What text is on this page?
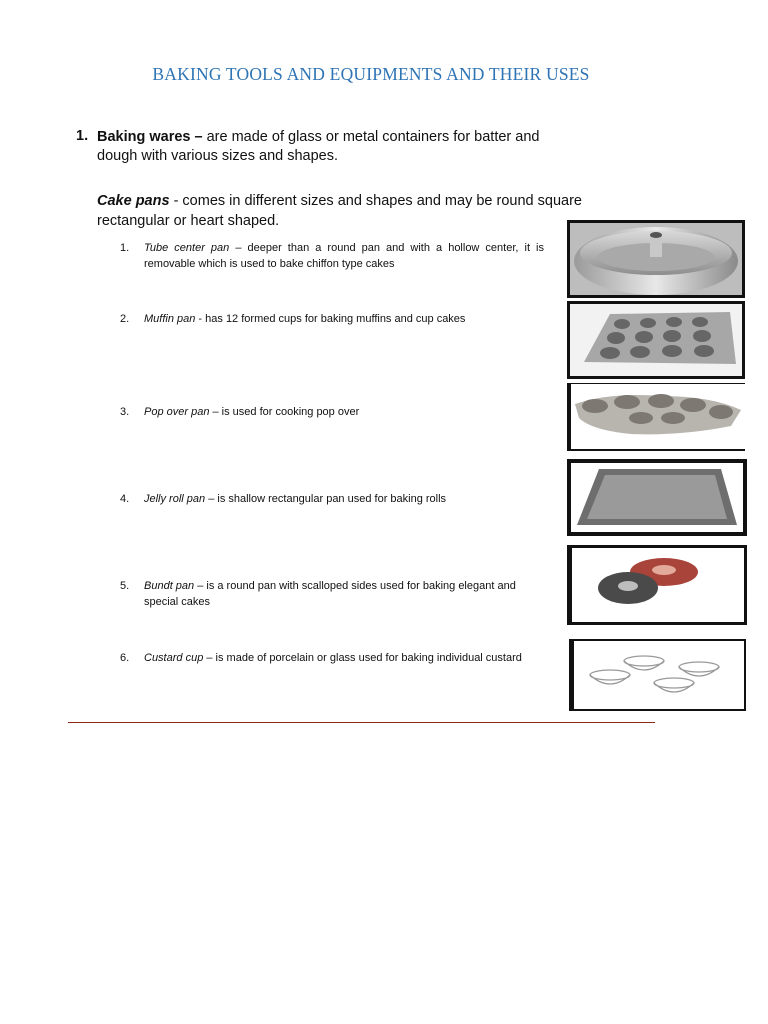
BAKING TOOLS AND EQUIPMENTS AND THEIR USES
1. Baking wares – are made of glass or metal containers for batter and dough with various sizes and shapes.
Cake pans - comes in different sizes and shapes and may be round square rectangular or heart shaped.
1. Tube center pan – deeper than a round pan and with a hollow center, it is removable which is used to bake chiffon type cakes
2. Muffin pan - has 12 formed cups for baking muffins and cup cakes
3. Pop over pan – is used for cooking pop over
4. Jelly roll pan – is shallow rectangular pan used for baking rolls
5. Bundt pan – is a round pan with scalloped sides used for baking elegant and special cakes
6. Custard cup – is made of porcelain or glass used for baking individual custard
